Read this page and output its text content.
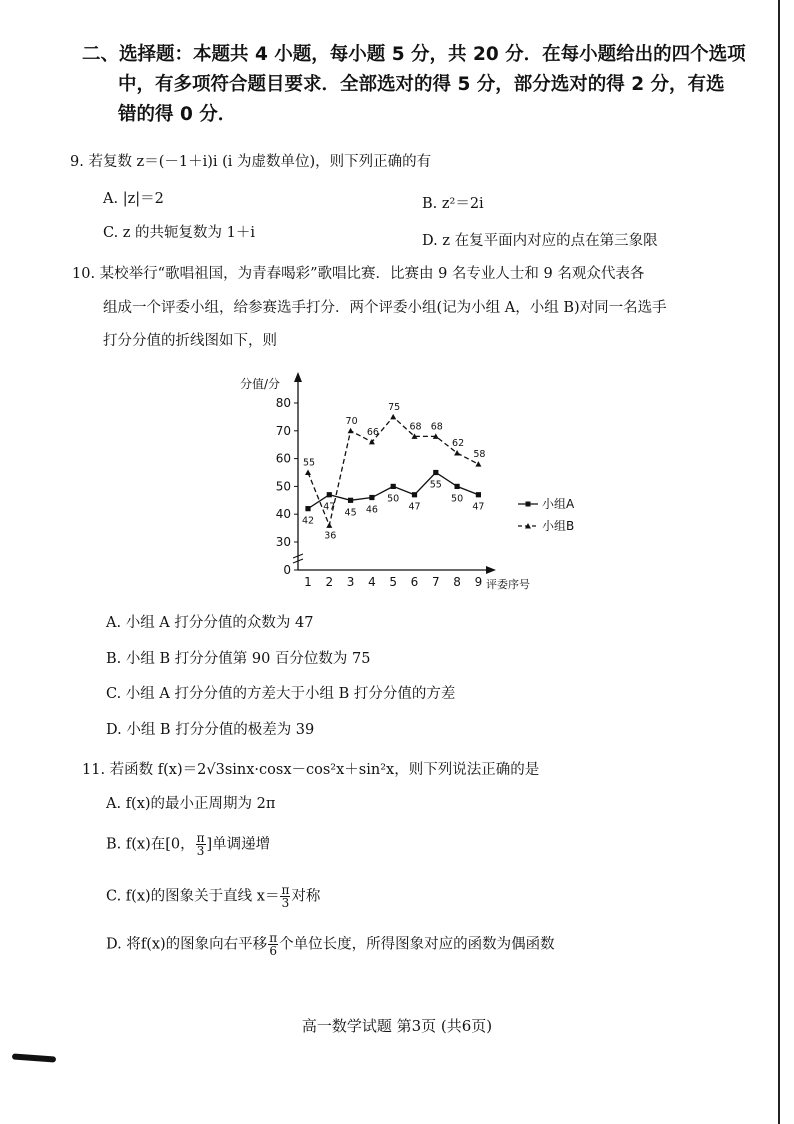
二、选择题：本题共 4 小题，每小题 5 分，共 20 分．在每小题给出的四个选项
中，有多项符合题目要求．全部选对的得 5 分，部分选对的得 2 分，有选
错的得 0 分．
9. 若复数 z＝(－1＋i)i (i 为虚数单位)，则下列正确的有
A. |z|＝2	B. z²＝2i
C. z 的共轭复数为 1＋i	D. z 在复平面内对应的点在第三象限
10. 某校举行“歌唱祖国，为青春喝彩”歌唱比赛．比赛由 9 名专业人士和 9 名观众代表各
组成一个评委小组，给参赛选手打分．两个评委小组(记为小组 A，小组 B)对同一名选手
打分分值的折线图如下，则
分值/分
0
30
40
50
60
70
80
1 2 3 4 5 6 7 8 9 评委序号
42
47
45 46
50
47
55
50
47
55
36
70
66
75
68 68
62
58
小组A
小组B
A. 小组 A 打分分值的众数为 47
B. 小组 B 打分分值第 90 百分位数为 75
C. 小组 A 打分分值的方差大于小组 B 打分分值的方差
D. 小组 B 打分分值的极差为 39
11. 若函数 f(x)＝2√3sinx·cosx－cos²x＋sin²x，则下列说法正确的是
A. f(x)的最小正周期为 2π
B. f(x)在[0， $\frac{\pi}{3}$ ]单调递增
C. f(x)的图象关于直线 $x= \frac{\pi}{3}$ 对称
D. 将f(x)的图象向右平移 $\frac{\pi}{6}$ 个单位长度，所得图象对应的函数为偶函数
高一数学试题 第3页 (共6页)
